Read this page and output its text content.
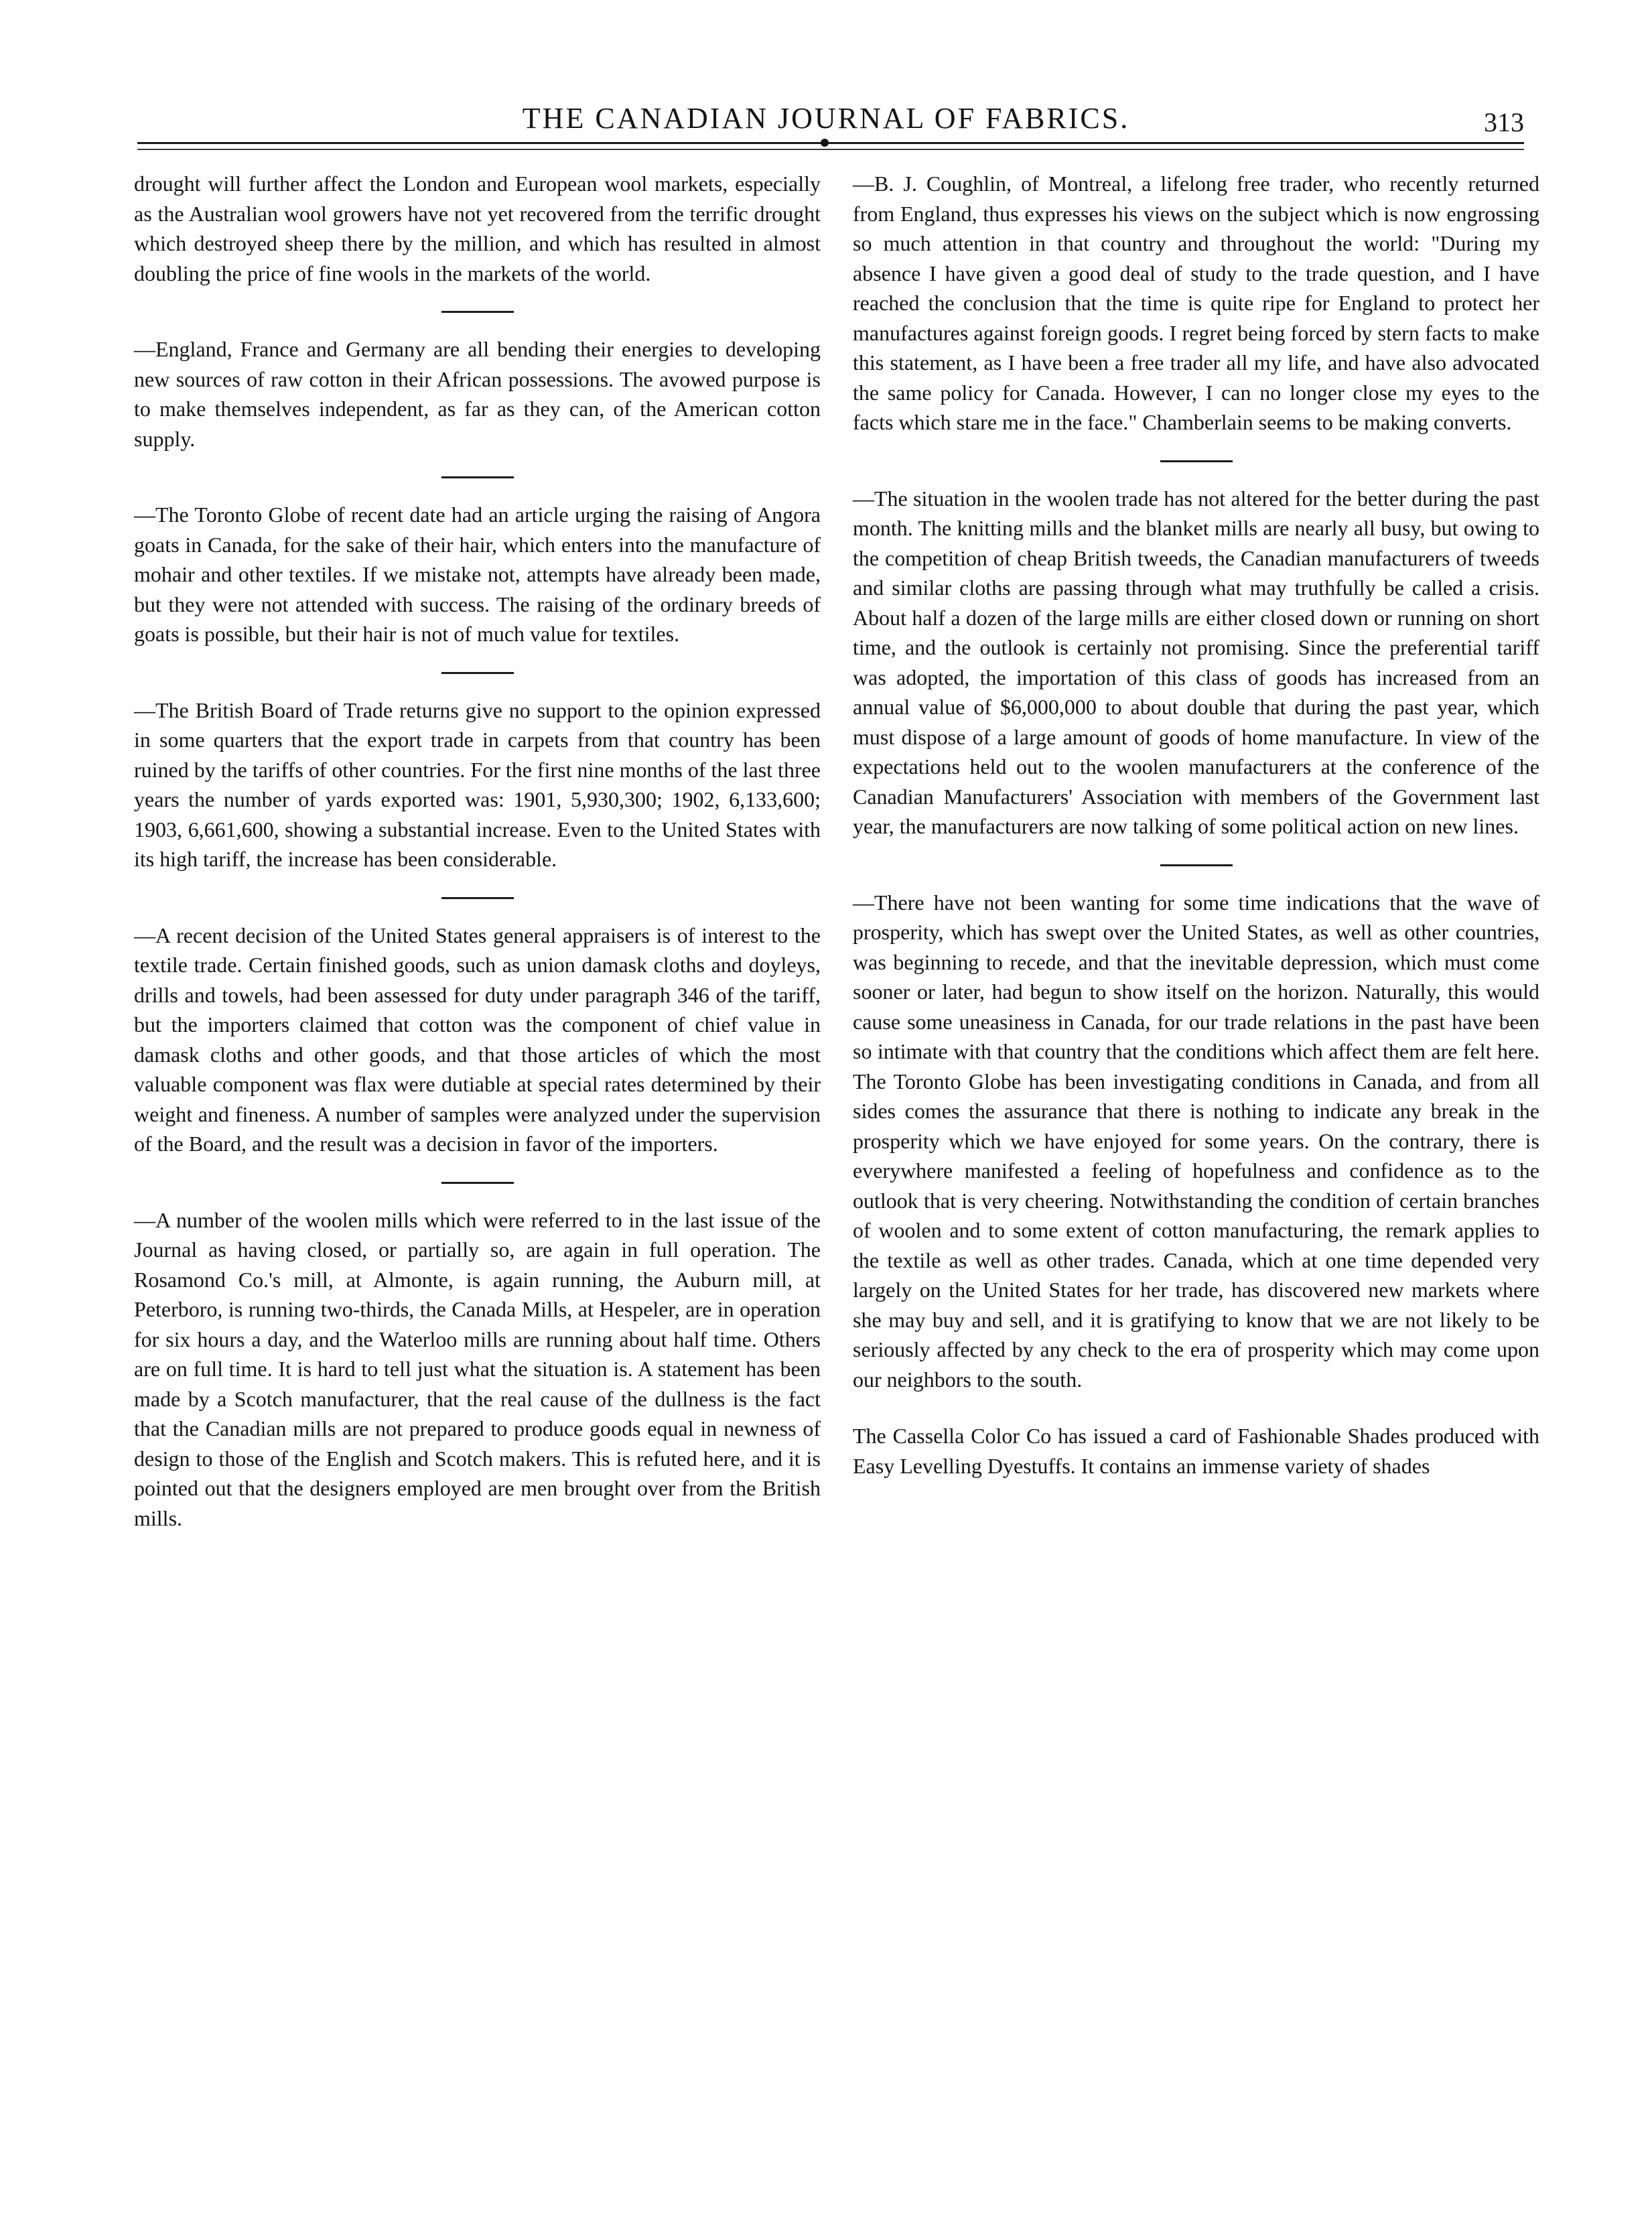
THE CANADIAN JOURNAL OF FABRICS.	313

drought will further affect the London and European wool markets, especially as the Australian wool growers have not yet recovered from the terrific drought which destroyed sheep there by the million, and which has resulted in almost doubling the price of fine wools in the markets of the world.

—England, France and Germany are all bending their energies to developing new sources of raw cotton in their African possessions. The avowed purpose is to make themselves independent, as far as they can, of the American cotton supply.

—The Toronto Globe of recent date had an article urging the raising of Angora goats in Canada, for the sake of their hair, which enters into the manufacture of mohair and other textiles. If we mistake not, attempts have already been made, but they were not attended with success. The raising of the ordinary breeds of goats is possible, but their hair is not of much value for textiles.

—The British Board of Trade returns give no support to the opinion expressed in some quarters that the export trade in carpets from that country has been ruined by the tariffs of other countries. For the first nine months of the last three years the number of yards exported was: 1901, 5,930,300; 1902, 6,133,600; 1903, 6,661,600, showing a substantial increase. Even to the United States with its high tariff, the increase has been considerable.

—A recent decision of the United States general appraisers is of interest to the textile trade. Certain finished goods, such as union damask cloths and doyleys, drills and towels, had been assessed for duty under paragraph 346 of the tariff, but the importers claimed that cotton was the component of chief value in damask cloths and other goods, and that those articles of which the most valuable component was flax were dutiable at special rates determined by their weight and fineness. A number of samples were analyzed under the supervision of the Board, and the result was a decision in favor of the importers.

—A number of the woolen mills which were referred to in the last issue of the Journal as having closed, or partially so, are again in full operation. The Rosamond Co.'s mill, at Almonte, is again running, the Auburn mill, at Peterboro, is running two-thirds, the Canada Mills, at Hespeler, are in operation for six hours a day, and the Waterloo mills are running about half time. Others are on full time. It is hard to tell just what the situation is. A statement has been made by a Scotch manufacturer, that the real cause of the dullness is the fact that the Canadian mills are not prepared to produce goods equal in newness of design to those of the English and Scotch makers. This is refuted here, and it is pointed out that the designers employed are men brought over from the British mills.

—B. J. Coughlin, of Montreal, a lifelong free trader, who recently returned from England, thus expresses his views on the subject which is now engrossing so much attention in that country and throughout the world: "During my absence I have given a good deal of study to the trade question, and I have reached the conclusion that the time is quite ripe for England to protect her manufactures against foreign goods. I regret being forced by stern facts to make this statement, as I have been a free trader all my life, and have also advocated the same policy for Canada. However, I can no longer close my eyes to the facts which stare me in the face." Chamberlain seems to be making converts.

—The situation in the woolen trade has not altered for the better during the past month. The knitting mills and the blanket mills are nearly all busy, but owing to the competition of cheap British tweeds, the Canadian manufacturers of tweeds and similar cloths are passing through what may truthfully be called a crisis. About half a dozen of the large mills are either closed down or running on short time, and the outlook is certainly not promising. Since the preferential tariff was adopted, the importation of this class of goods has increased from an annual value of $6,000,000 to about double that during the past year, which must dispose of a large amount of goods of home manufacture. In view of the expectations held out to the woolen manufacturers at the conference of the Canadian Manufacturers' Association with members of the Government last year, the manufacturers are now talking of some political action on new lines.

—There have not been wanting for some time indications that the wave of prosperity, which has swept over the United States, as well as other countries, was beginning to recede, and that the inevitable depression, which must come sooner or later, had begun to show itself on the horizon. Naturally, this would cause some uneasiness in Canada, for our trade relations in the past have been so intimate with that country that the conditions which affect them are felt here. The Toronto Globe has been investigating conditions in Canada, and from all sides comes the assurance that there is nothing to indicate any break in the prosperity which we have enjoyed for some years. On the contrary, there is everywhere manifested a feeling of hopefulness and confidence as to the outlook that is very cheering. Notwithstanding the condition of certain branches of woolen and to some extent of cotton manufacturing, the remark applies to the textile as well as other trades. Canada, which at one time depended very largely on the United States for her trade, has discovered new markets where she may buy and sell, and it is gratifying to know that we are not likely to be seriously affected by any check to the era of prosperity which may come upon our neighbors to the south.

The Cassella Color Co has issued a card of Fashionable Shades produced with Easy Levelling Dyestuffs. It contains an immense variety of shades
